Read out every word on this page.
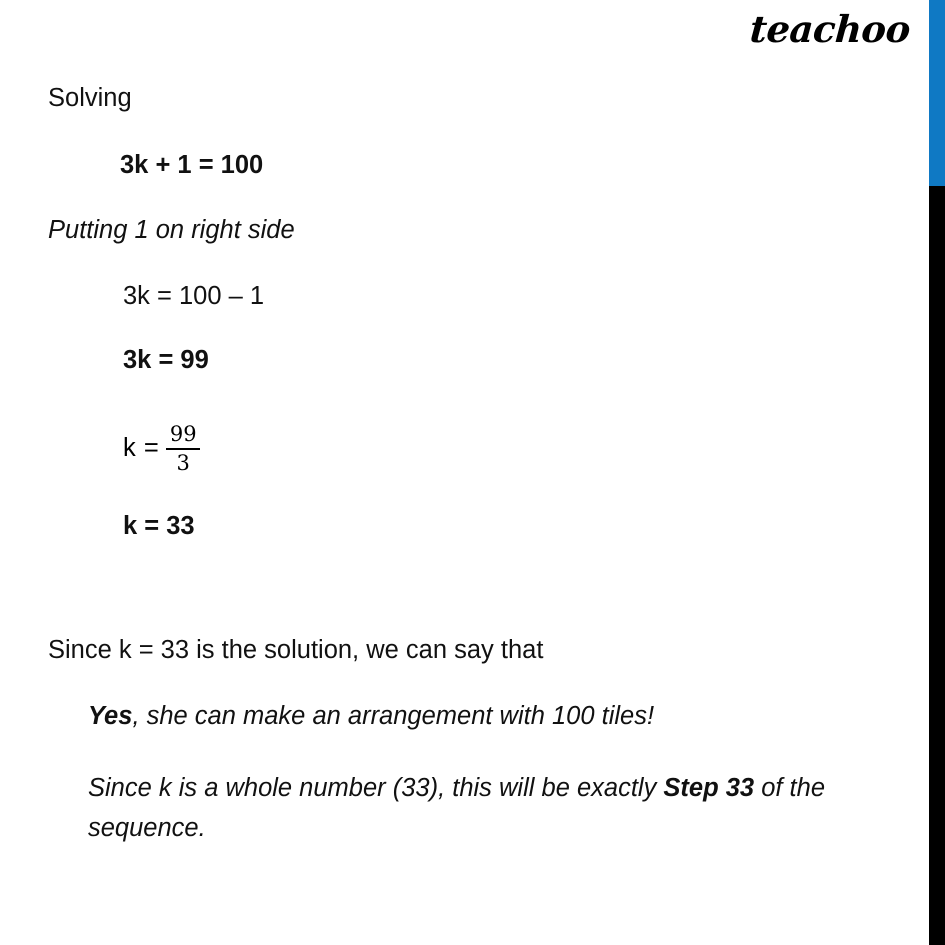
teachoo
Solving
3k + 1 = 100
Putting 1 on right side
3k = 100 – 1
3k = 99
$k = \frac{99}{3}$
k = 33
Since k = 33 is the solution, we can say that
Yes, she can make an arrangement with 100 tiles!
Since k is a whole number (33), this will be exactly Step 33 of the sequence.
